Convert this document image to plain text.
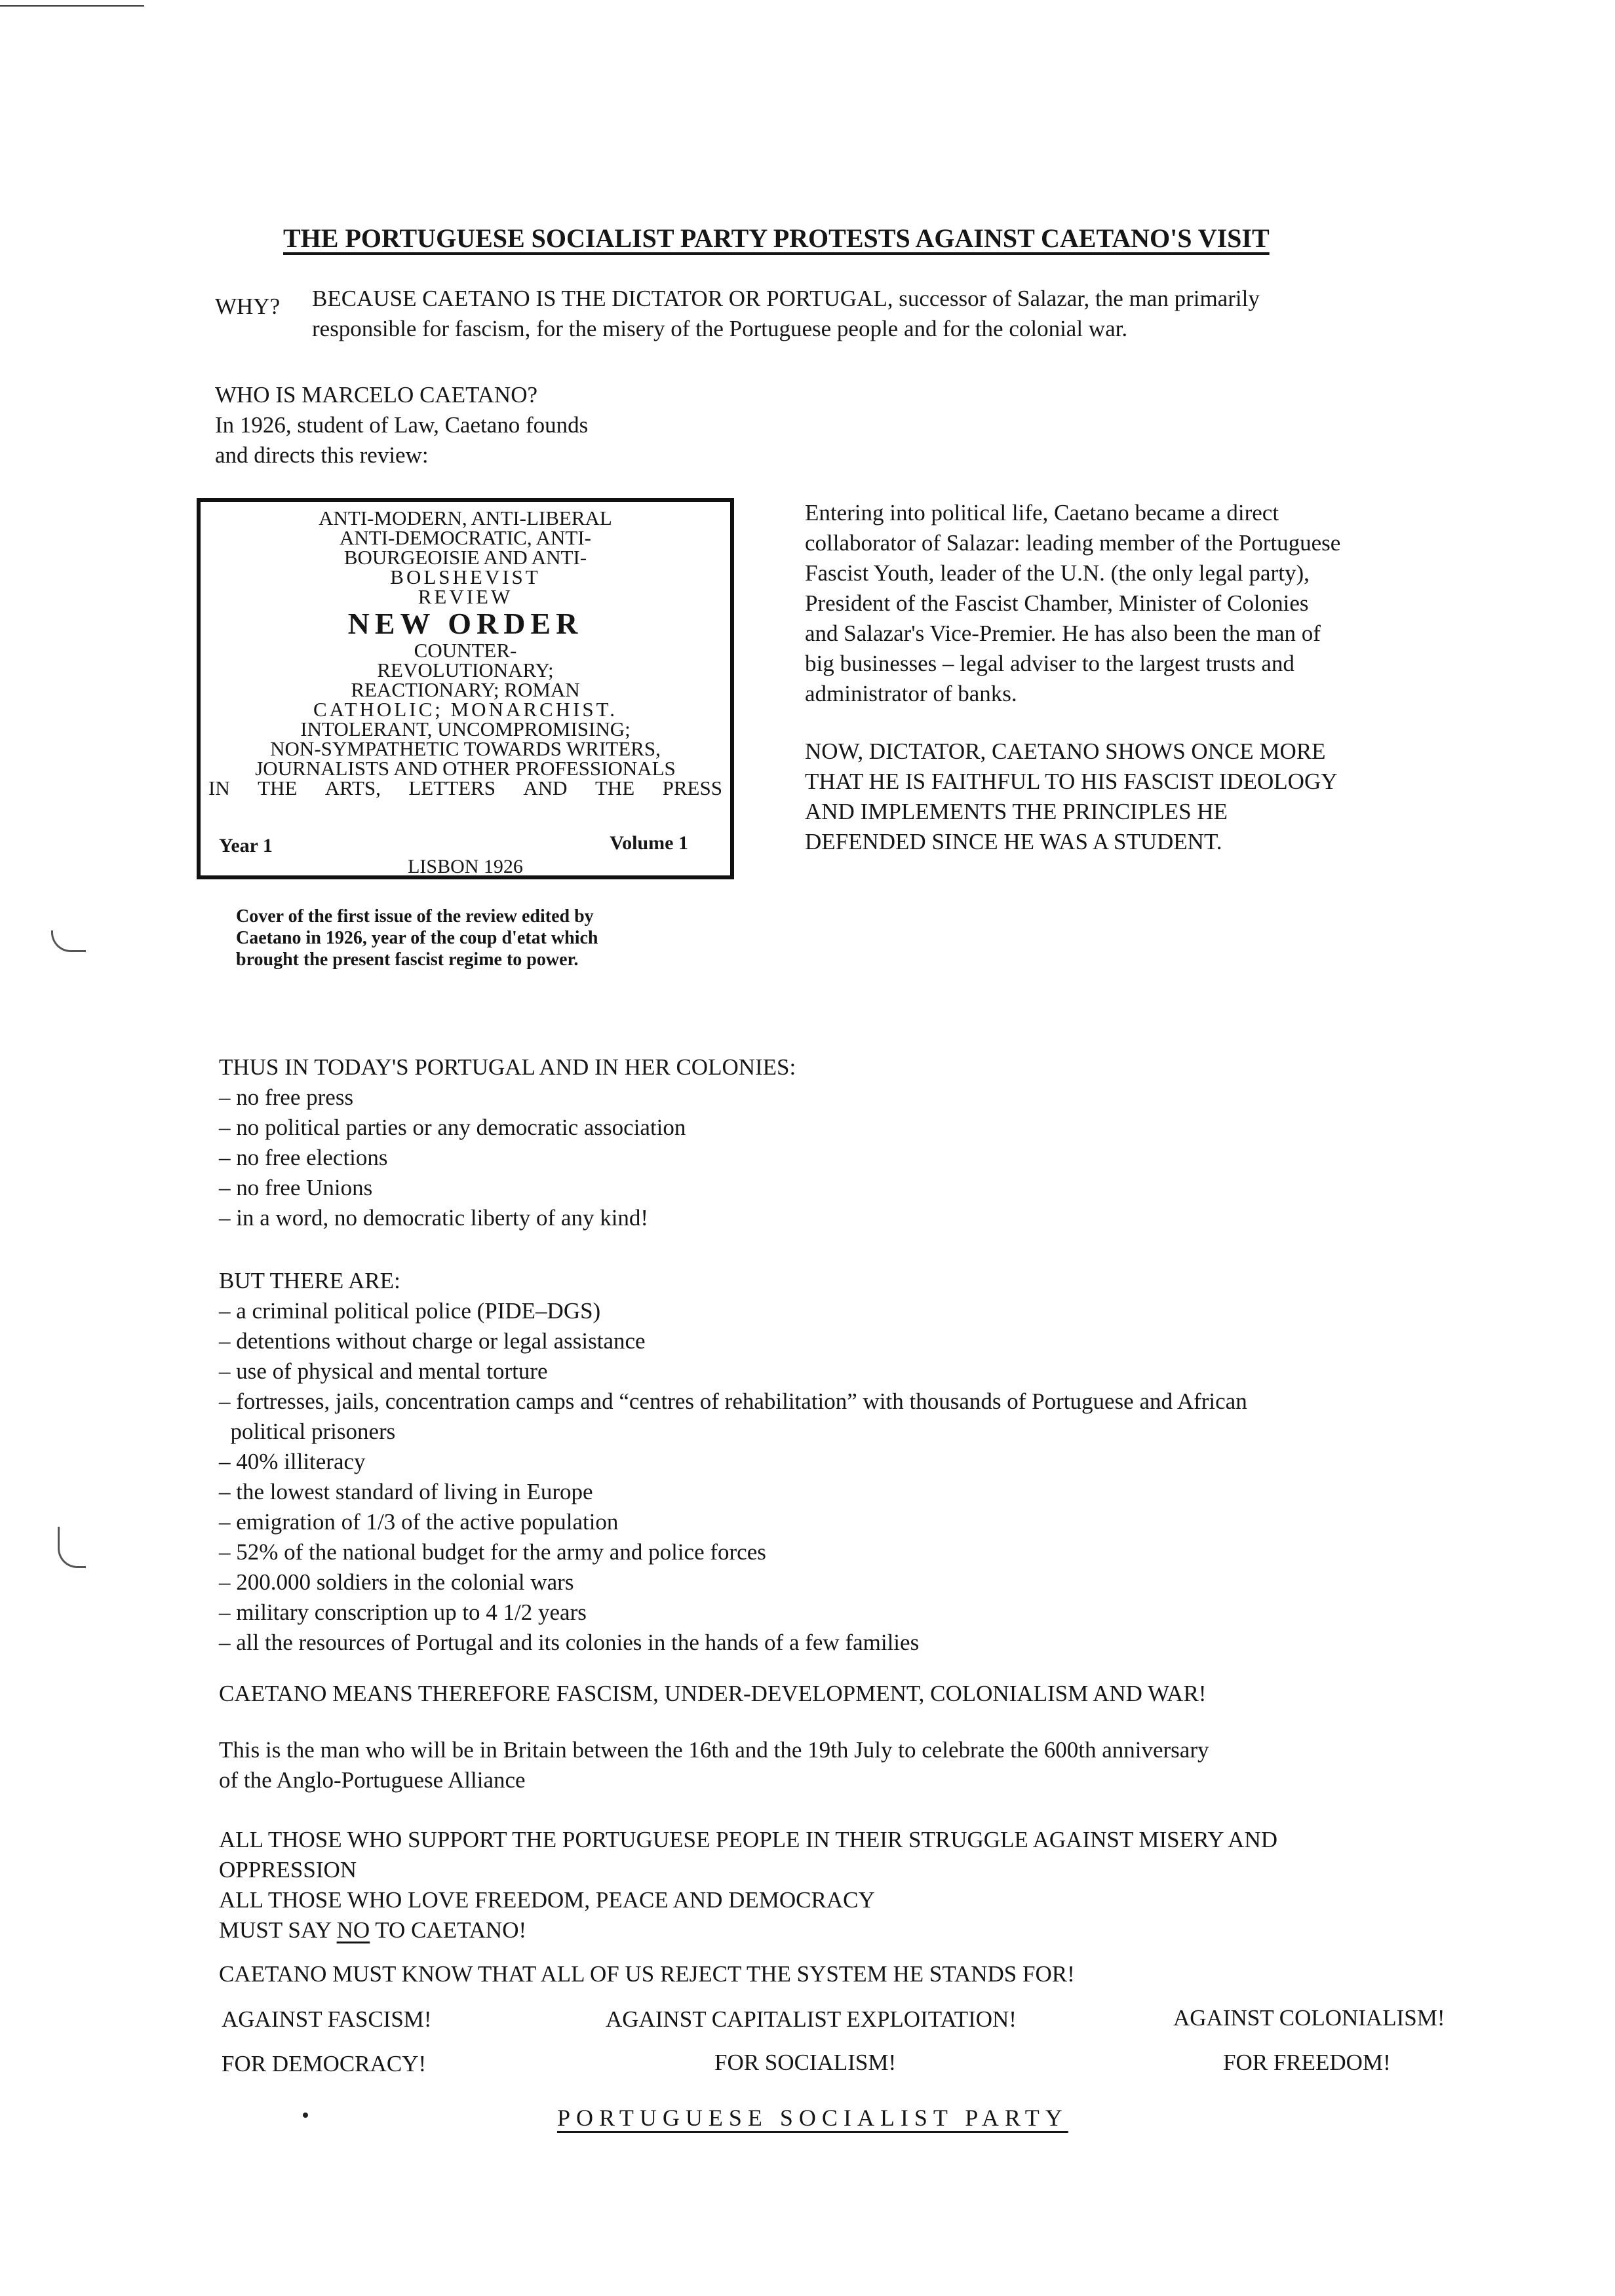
THE PORTUGUESE SOCIALIST PARTY PROTESTS AGAINST CAETANO'S VISIT
WHY? BECAUSE CAETANO IS THE DICTATOR OR PORTUGAL, successor of Salazar, the man primarily
responsible for fascism, for the misery of the Portuguese people and for the colonial war.
WHO IS MARCELO CAETANO?
In 1926, student of Law, Caetano founds
and directs this review:
ANTI-MODERN, ANTI-LIBERAL
ANTI-DEMOCRATIC, ANTI-
BOURGEOISIE AND ANTI-
BOLSHEVIST
REVIEW
NEW ORDER
COUNTER-
REVOLUTIONARY;
REACTIONARY; ROMAN
CATHOLIC; MONARCHIST.
INTOLERANT, UNCOMPROMISING;
NON-SYMPATHETIC TOWARDS WRITERS,
JOURNALISTS AND OTHER PROFESSIONALS
IN THE ARTS, LETTERS AND THE PRESS
Year 1	Volume 1
LISBON 1926
Cover of the first issue of the review edited by
Caetano in 1926, year of the coup d'etat which
brought the present fascist regime to power.
Entering into political life, Caetano became a direct
collaborator of Salazar: leading member of the Portuguese
Fascist Youth, leader of the U.N. (the only legal party),
President of the Fascist Chamber, Minister of Colonies
and Salazar's Vice-Premier. He has also been the man of
big businesses – legal adviser to the largest trusts and
administrator of banks.
NOW, DICTATOR, CAETANO SHOWS ONCE MORE
THAT HE IS FAITHFUL TO HIS FASCIST IDEOLOGY
AND IMPLEMENTS THE PRINCIPLES HE
DEFENDED SINCE HE WAS A STUDENT.
THUS IN TODAY'S PORTUGAL AND IN HER COLONIES:
– no free press
– no political parties or any democratic association
– no free elections
– no free Unions
– in a word, no democratic liberty of any kind!
BUT THERE ARE:
– a criminal political police (PIDE–DGS)
– detentions without charge or legal assistance
– use of physical and mental torture
– fortresses, jails, concentration camps and “centres of rehabilitation” with thousands of Portuguese and African
political prisoners
– 40% illiteracy
– the lowest standard of living in Europe
– emigration of 1/3 of the active population
– 52% of the national budget for the army and police forces
– 200.000 soldiers in the colonial wars
– military conscription up to 4 1/2 years
– all the resources of Portugal and its colonies in the hands of a few families
CAETANO MEANS THEREFORE FASCISM, UNDER-DEVELOPMENT, COLONIALISM AND WAR!
This is the man who will be in Britain between the 16th and the 19th July to celebrate the 600th anniversary
of the Anglo-Portuguese Alliance
ALL THOSE WHO SUPPORT THE PORTUGUESE PEOPLE IN THEIR STRUGGLE AGAINST MISERY AND
OPPRESSION
ALL THOSE WHO LOVE FREEDOM, PEACE AND DEMOCRACY
MUST SAY NO TO CAETANO!
CAETANO MUST KNOW THAT ALL OF US REJECT THE SYSTEM HE STANDS FOR!
AGAINST FASCISM!	AGAINST CAPITALIST EXPLOITATION!	AGAINST COLONIALISM!
FOR DEMOCRACY!	FOR SOCIALISM!	FOR FREEDOM!
PORTUGUESE SOCIALIST PARTY
